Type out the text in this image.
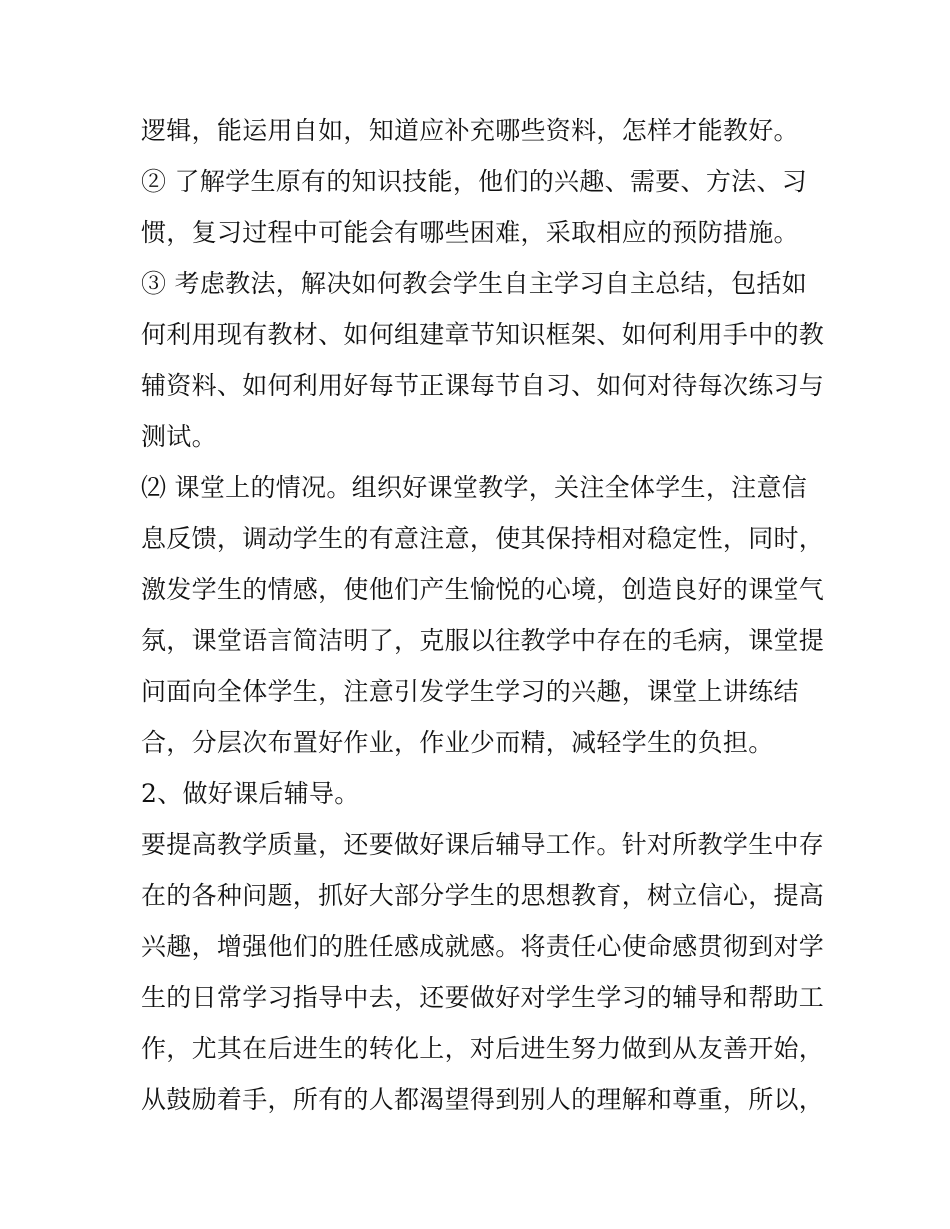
逻辑，能运用自如，知道应补充哪些资料，怎样才能教好。
② 了解学生原有的知识技能，他们的兴趣、需要、方法、习
惯，复习过程中可能会有哪些困难，采取相应的预防措施。
③ 考虑教法，解决如何教会学生自主学习自主总结，包括如
何利用现有教材、如何组建章节知识框架、如何利用手中的教
辅资料、如何利用好每节正课每节自习、如何对待每次练习与
测试。
⑵ 课堂上的情况。组织好课堂教学，关注全体学生，注意信
息反馈，调动学生的有意注意，使其保持相对稳定性，同时，
激发学生的情感，使他们产生愉悦的心境，创造良好的课堂气
氛，课堂语言简洁明了，克服以往教学中存在的毛病，课堂提
问面向全体学生，注意引发学生学习的兴趣，课堂上讲练结
合，分层次布置好作业，作业少而精，减轻学生的负担。
2、做好课后辅导。
要提高教学质量，还要做好课后辅导工作。针对所教学生中存
在的各种问题，抓好大部分学生的思想教育，树立信心，提高
兴趣，增强他们的胜任感成就感。将责任心使命感贯彻到对学
生的日常学习指导中去，还要做好对学生学习的辅导和帮助工
作，尤其在后进生的转化上，对后进生努力做到从友善开始，
从鼓励着手，所有的人都渴望得到别人的理解和尊重，所以，
